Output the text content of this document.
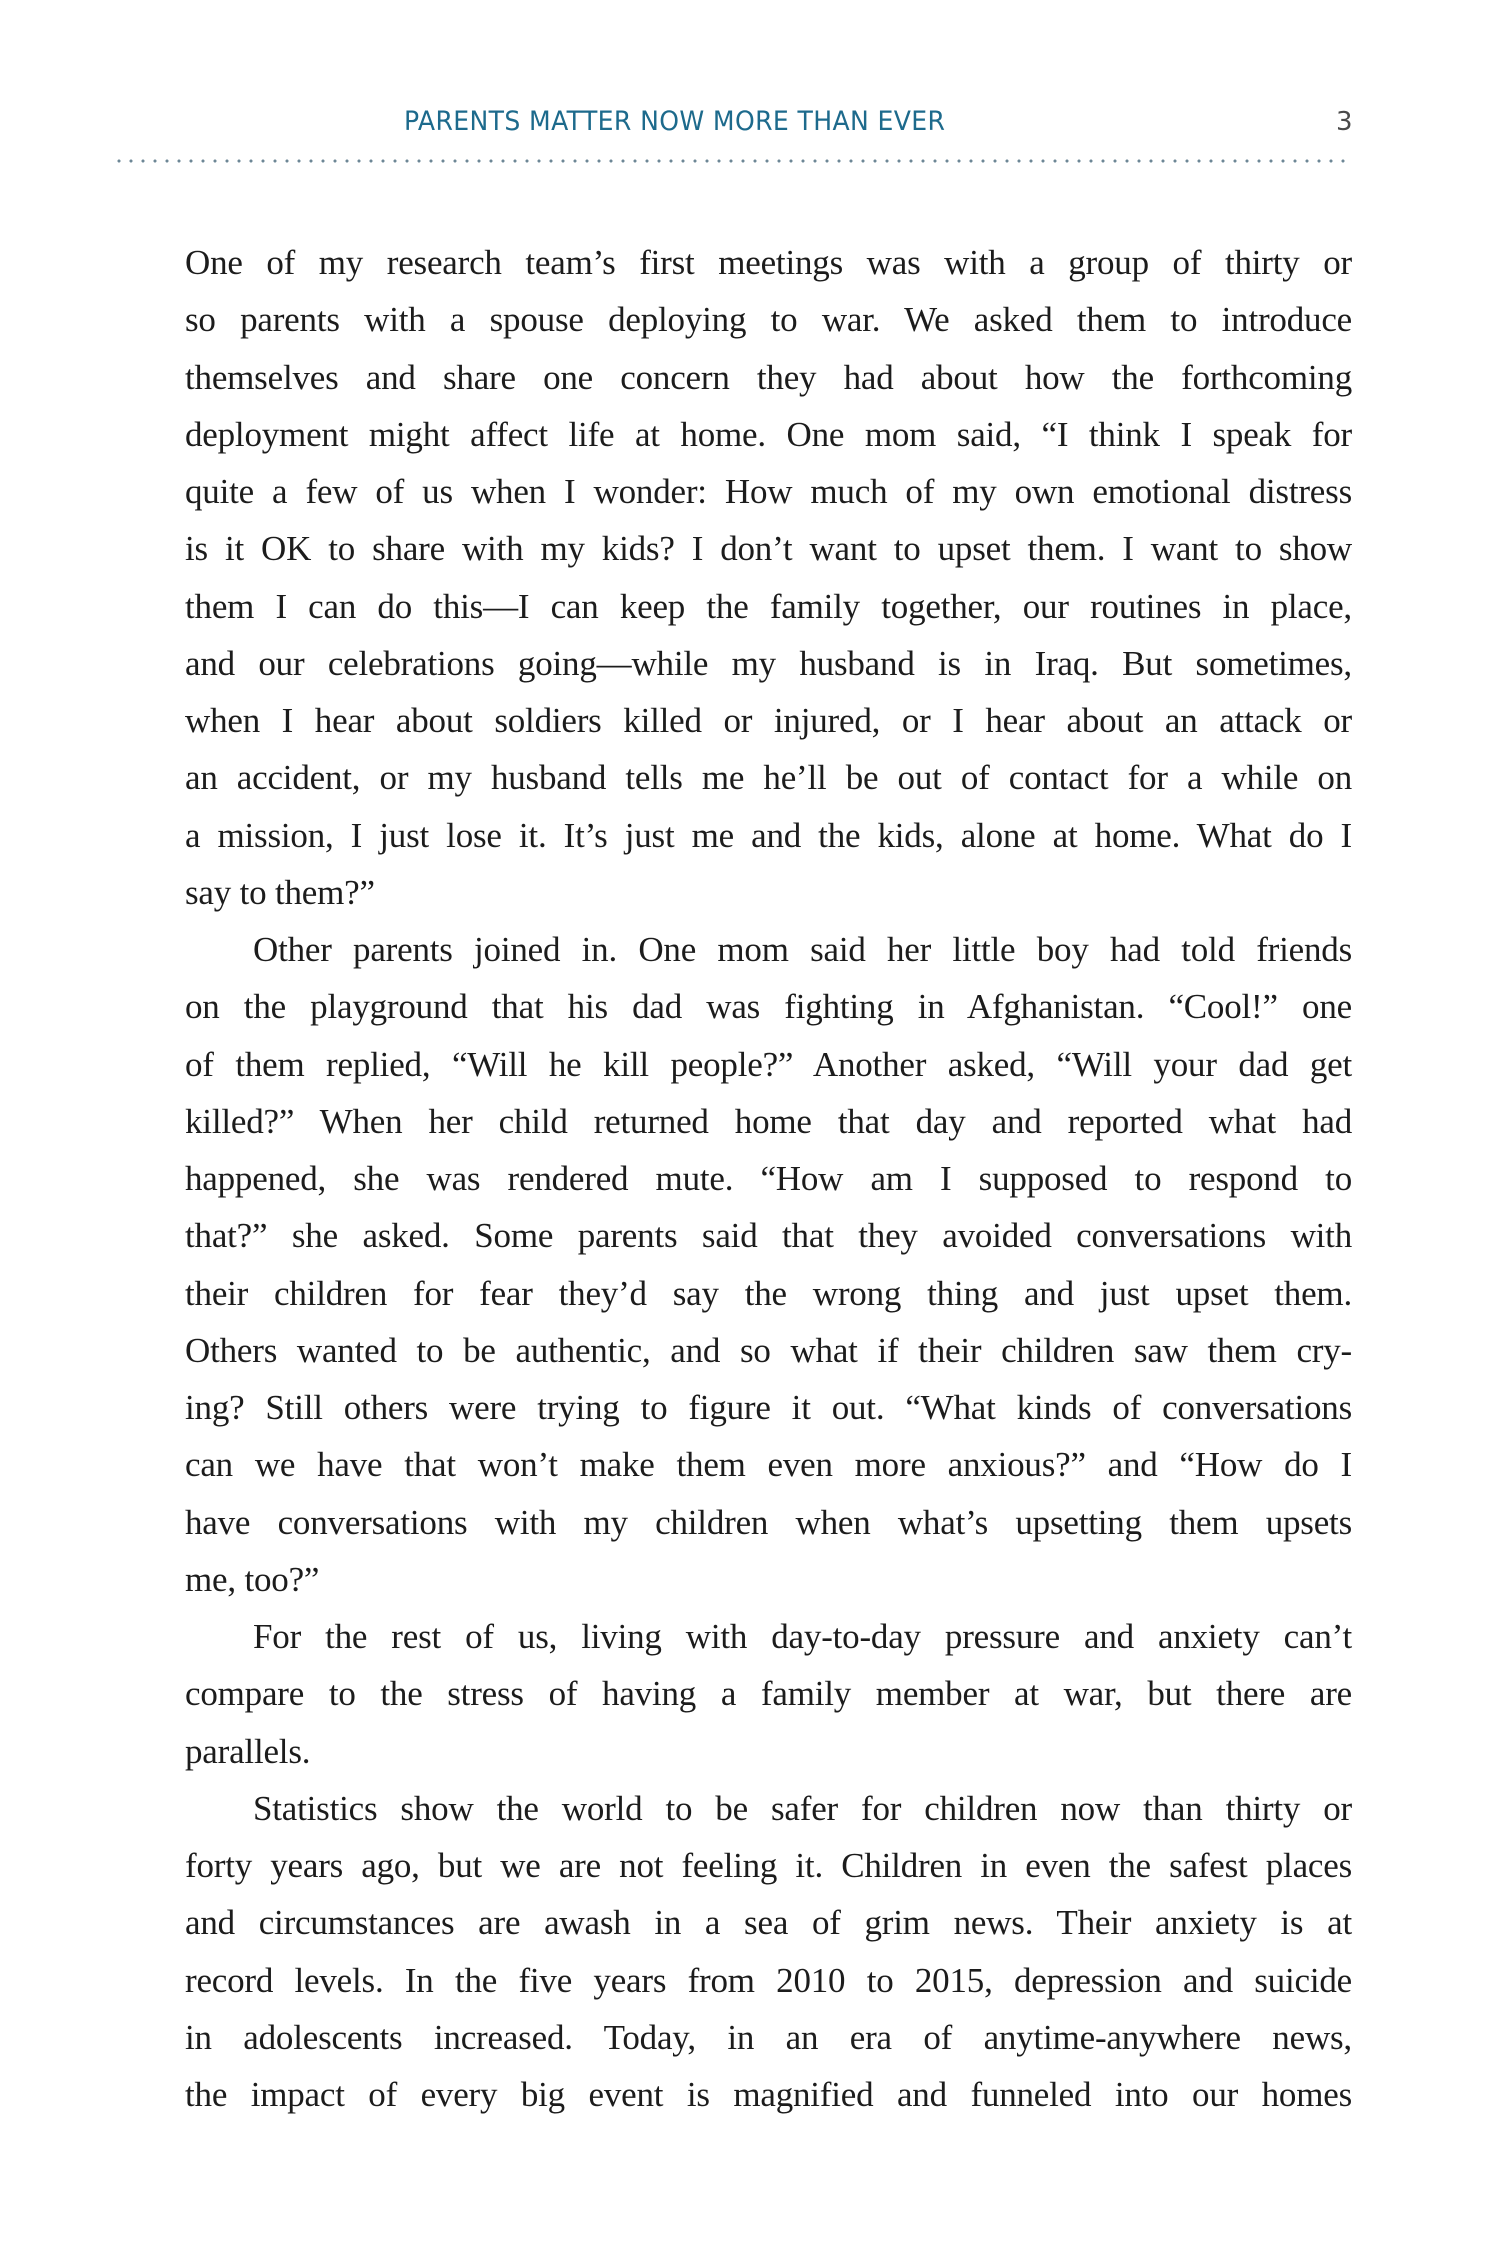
PARENTS MATTER NOW MORE THAN EVER	3
One of my research team’s first meetings was with a group of thirty or
so parents with a spouse deploying to war. We asked them to introduce
themselves and share one concern they had about how the forthcoming
deployment might affect life at home. One mom said, “I think I speak for
quite a few of us when I wonder: How much of my own emotional distress
is it OK to share with my kids? I don’t want to upset them. I want to show
them I can do this—I can keep the family together, our routines in place,
and our celebrations going—while my husband is in Iraq. But sometimes,
when I hear about soldiers killed or injured, or I hear about an attack or
an accident, or my husband tells me he’ll be out of contact for a while on
a mission, I just lose it. It’s just me and the kids, alone at home. What do I
say to them?”
Other parents joined in. One mom said her little boy had told friends
on the playground that his dad was fighting in Afghanistan. “Cool!” one
of them replied, “Will he kill people?” Another asked, “Will your dad get
killed?” When her child returned home that day and reported what had
happened, she was rendered mute. “How am I supposed to respond to
that?” she asked. Some parents said that they avoided conversations with
their children for fear they’d say the wrong thing and just upset them.
Others wanted to be authentic, and so what if their children saw them cry-
ing? Still others were trying to figure it out. “What kinds of conversations
can we have that won’t make them even more anxious?” and “How do I
have conversations with my children when what’s upsetting them upsets
me, too?”
For the rest of us, living with day-to-day pressure and anxiety can’t
compare to the stress of having a family member at war, but there are
parallels.
Statistics show the world to be safer for children now than thirty or
forty years ago, but we are not feeling it. Children in even the safest places
and circumstances are awash in a sea of grim news. Their anxiety is at
record levels. In the five years from 2010 to 2015, depression and suicide
in adolescents increased. Today, in an era of anytime-anywhere news,
the impact of every big event is magnified and funneled into our homes
